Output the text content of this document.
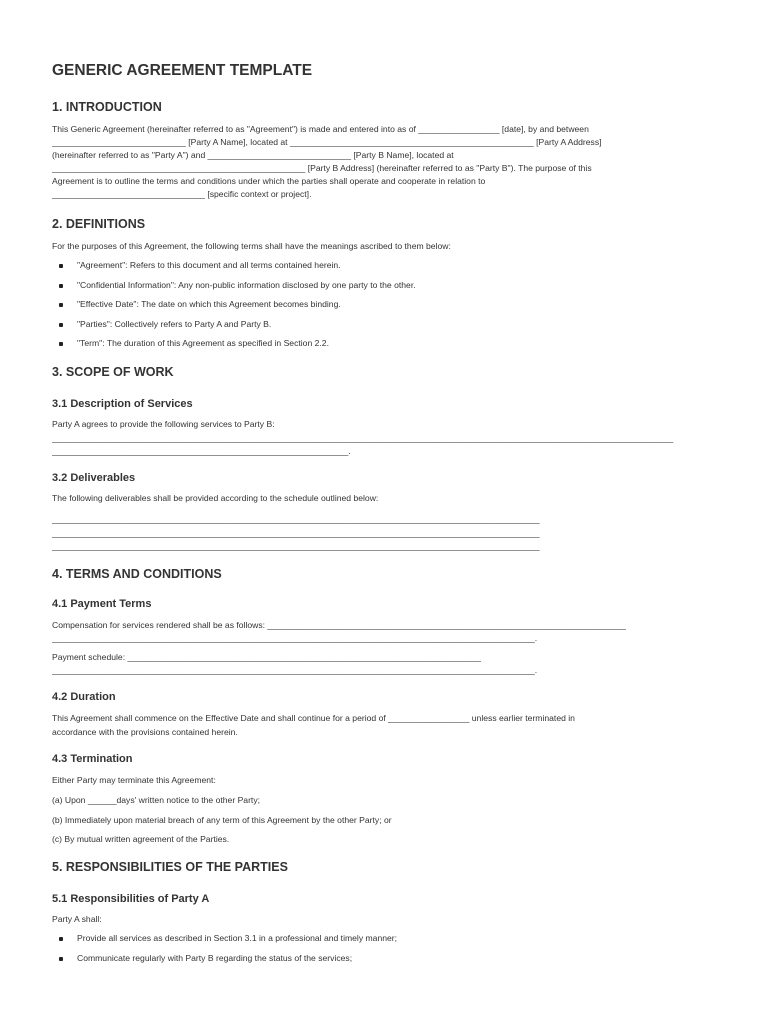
GENERIC AGREEMENT TEMPLATE
1. INTRODUCTION
This Generic Agreement (hereinafter referred to as "Agreement") is made and entered into as of _________________ [date], by and between
____________________________ [Party A Name], located at ___________________________________________________ [Party A Address]
(hereinafter referred to as "Party A") and ______________________________ [Party B Name], located at
_____________________________________________________ [Party B Address] (hereinafter referred to as "Party B"). The purpose of this
Agreement is to outline the terms and conditions under which the parties shall operate and cooperate in relation to
________________________________ [specific context or project].
2. DEFINITIONS
For the purposes of this Agreement, the following terms shall have the meanings ascribed to them below:
"Agreement": Refers to this document and all terms contained herein.
"Confidential Information": Any non-public information disclosed by one party to the other.
"Effective Date": The date on which this Agreement becomes binding.
"Parties": Collectively refers to Party A and Party B.
"Term": The duration of this Agreement as specified in Section 2.2.
3. SCOPE OF WORK
3.1 Description of Services
Party A agrees to provide the following services to Party B:
__________________________________________________________________________________________________________________________________
______________________________________________________________.
3.2 Deliverables
The following deliverables shall be provided according to the schedule outlined below:
______________________________________________________________________________________________________
______________________________________________________________________________________________________
______________________________________________________________________________________________________
4. TERMS AND CONDITIONS
4.1 Payment Terms
Compensation for services rendered shall be as follows: ___________________________________________________________________________
_____________________________________________________________________________________________________.
Payment schedule: __________________________________________________________________________
_____________________________________________________________________________________________________.
4.2 Duration
This Agreement shall commence on the Effective Date and shall continue for a period of _________________ unless earlier terminated in
accordance with the provisions contained herein.
4.3 Termination
Either Party may terminate this Agreement:
(a) Upon ______days' written notice to the other Party;
(b) Immediately upon material breach of any term of this Agreement by the other Party; or
(c) By mutual written agreement of the Parties.
5. RESPONSIBILITIES OF THE PARTIES
5.1 Responsibilities of Party A
Party A shall:
Provide all services as described in Section 3.1 in a professional and timely manner;
Communicate regularly with Party B regarding the status of the services;
